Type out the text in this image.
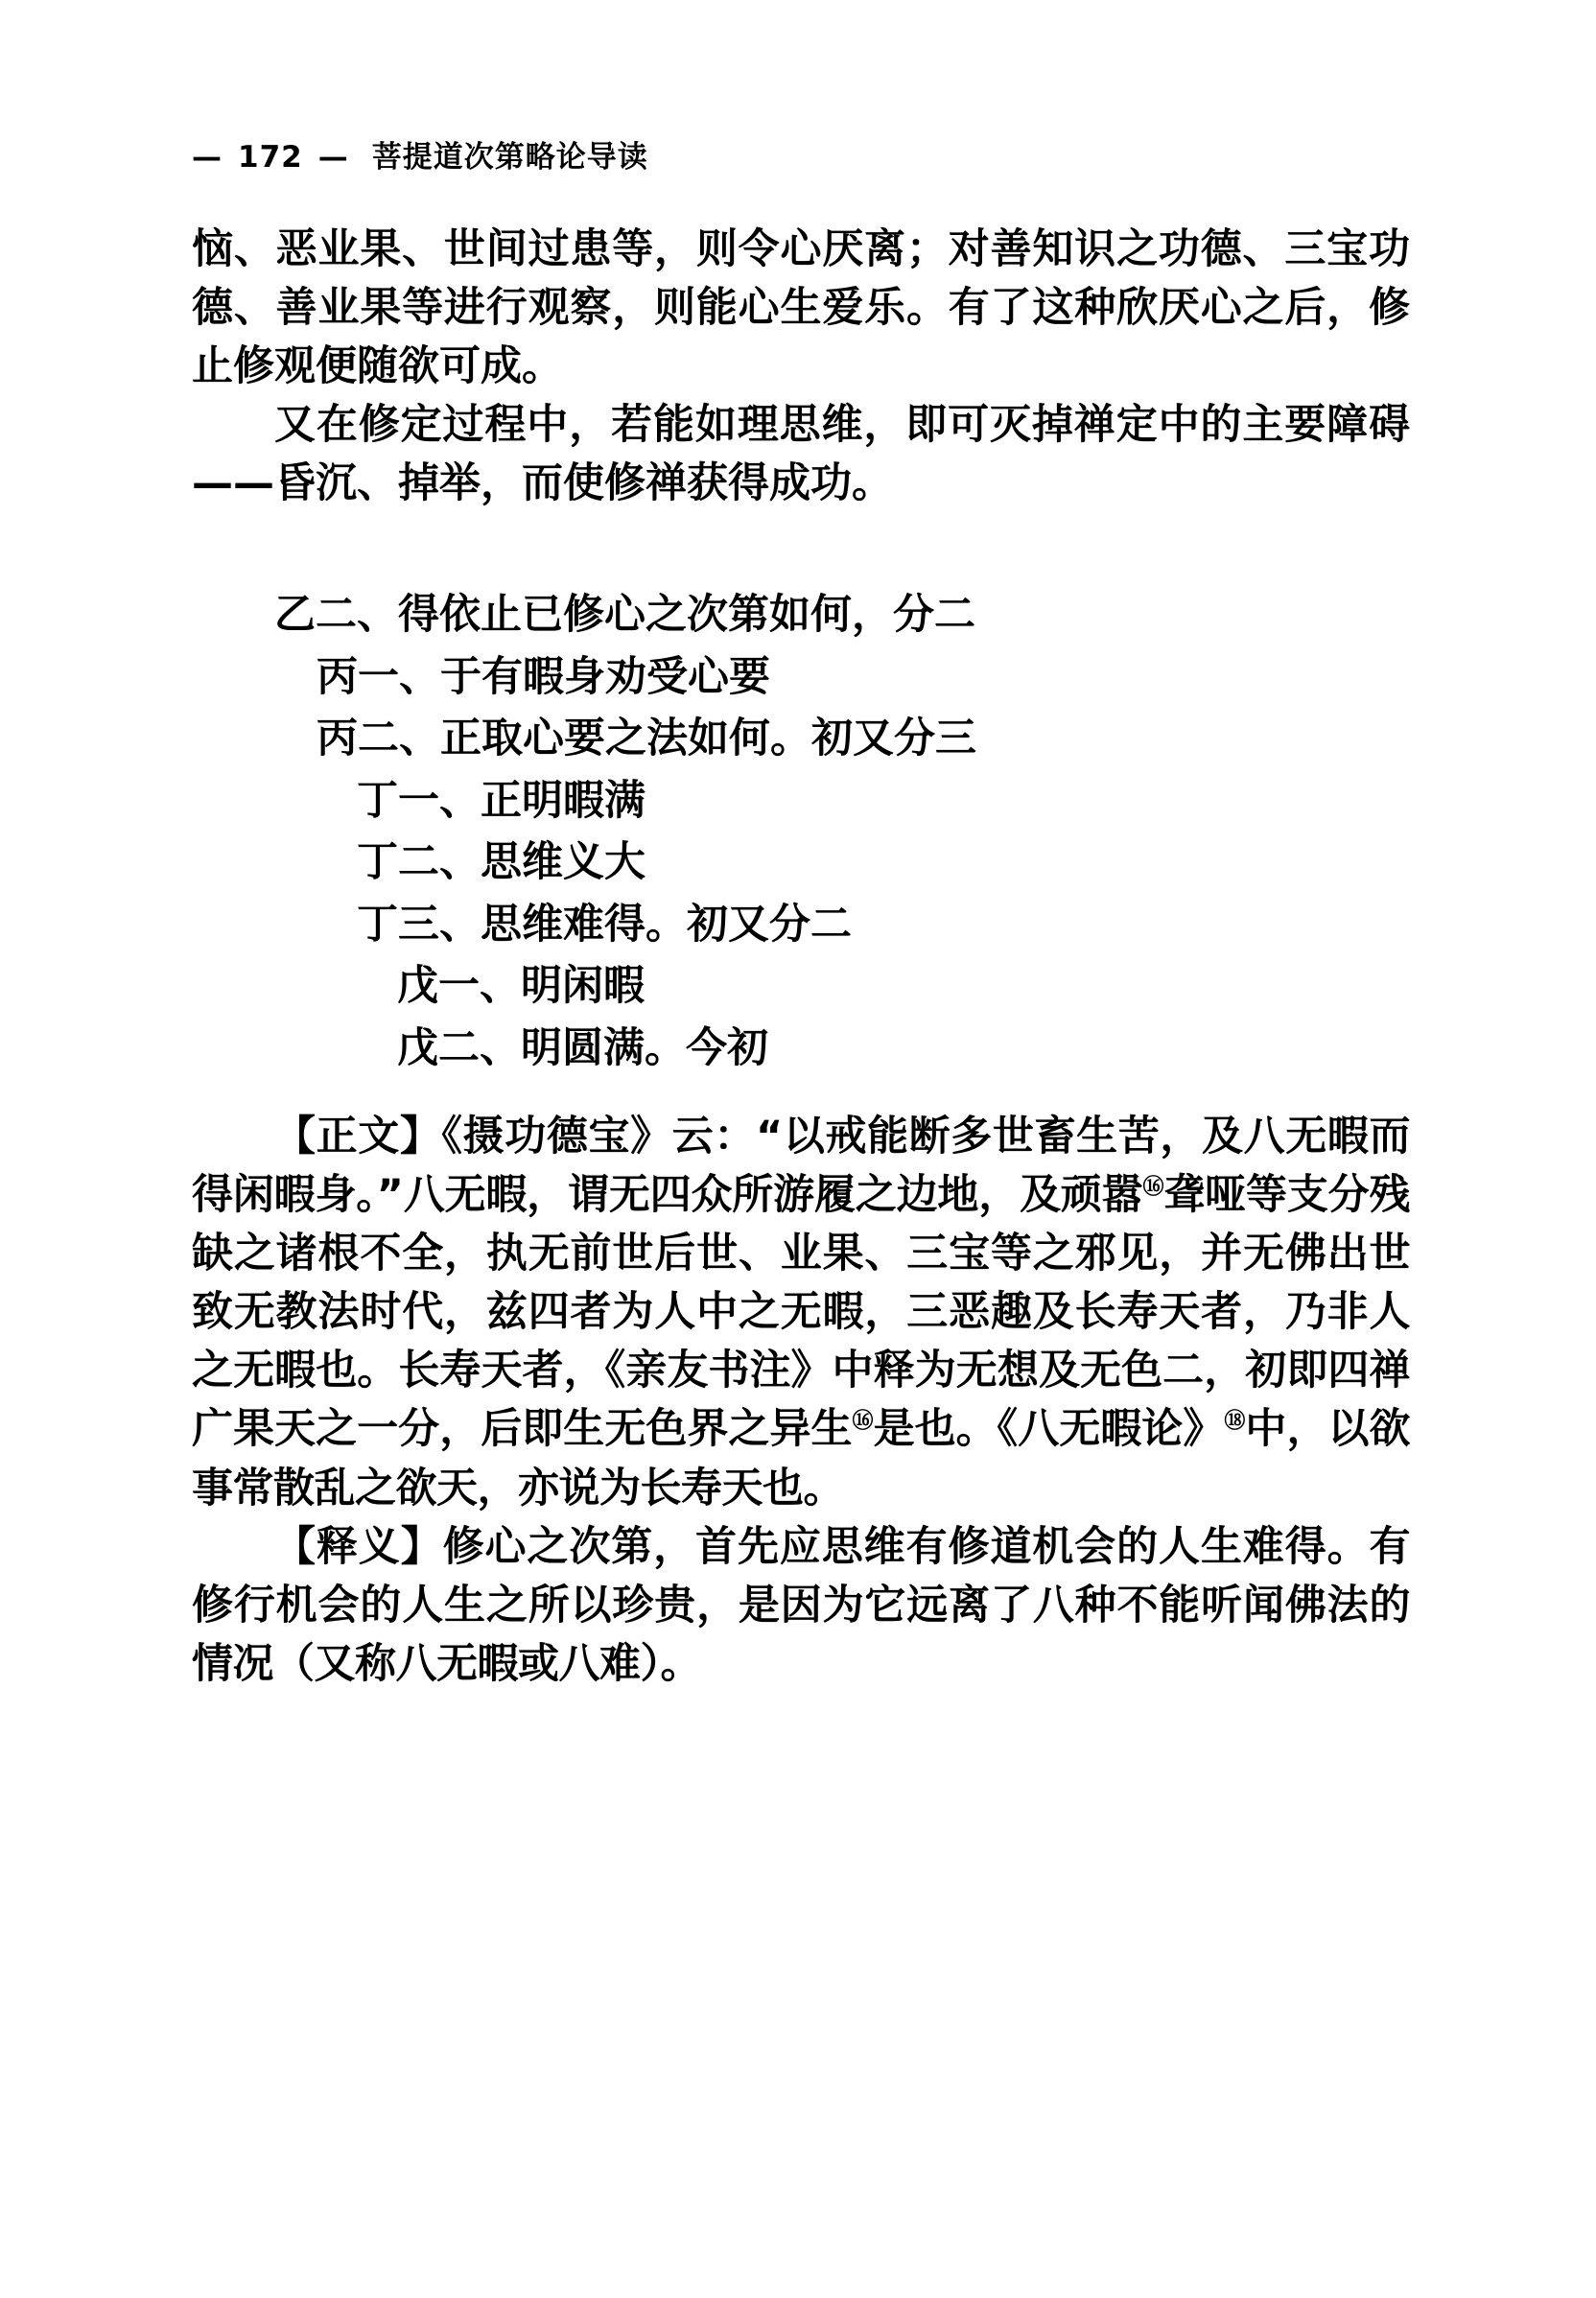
— 172 — 菩提道次第略论导读

恼、恶业果、世间过患等，则令心厌离；对善知识之功德、三宝功德、善业果等进行观察，则能心生爱乐。有了这种欣厌心之后，修止修观便随欲可成。

又在修定过程中，若能如理思维，即可灭掉禅定中的主要障碍——昏沉、掉举，而使修禅获得成功。

乙二、得依止已修心之次第如何，分二
丙一、于有暇身劝受心要
丙二、正取心要之法如何。初又分三
丁一、正明暇满
丁二、思维义大
丁三、思维难得。初又分二
戊一、明闲暇
戊二、明圆满。今初

【正文】《摄功德宝》云：“以戒能断多世畜生苦，及八无暇而得闲暇身。”八无暇，谓无四众所游履之边地，及顽嚣⑯聋哑等支分残缺之诸根不全，执无前世后世、业果、三宝等之邪见，并无佛出世致无教法时代，兹四者为人中之无暇，三恶趣及长寿天者，乃非人之无暇也。长寿天者，《亲友书注》中释为无想及无色二，初即四禅广果天之一分，后即生无色界之异生⑯是也。《八无暇论》⑱中，以欲事常散乱之欲天，亦说为长寿天也。

【释义】修心之次第，首先应思维有修道机会的人生难得。有修行机会的人生之所以珍贵，是因为它远离了八种不能听闻佛法的情况（又称八无暇或八难）。
